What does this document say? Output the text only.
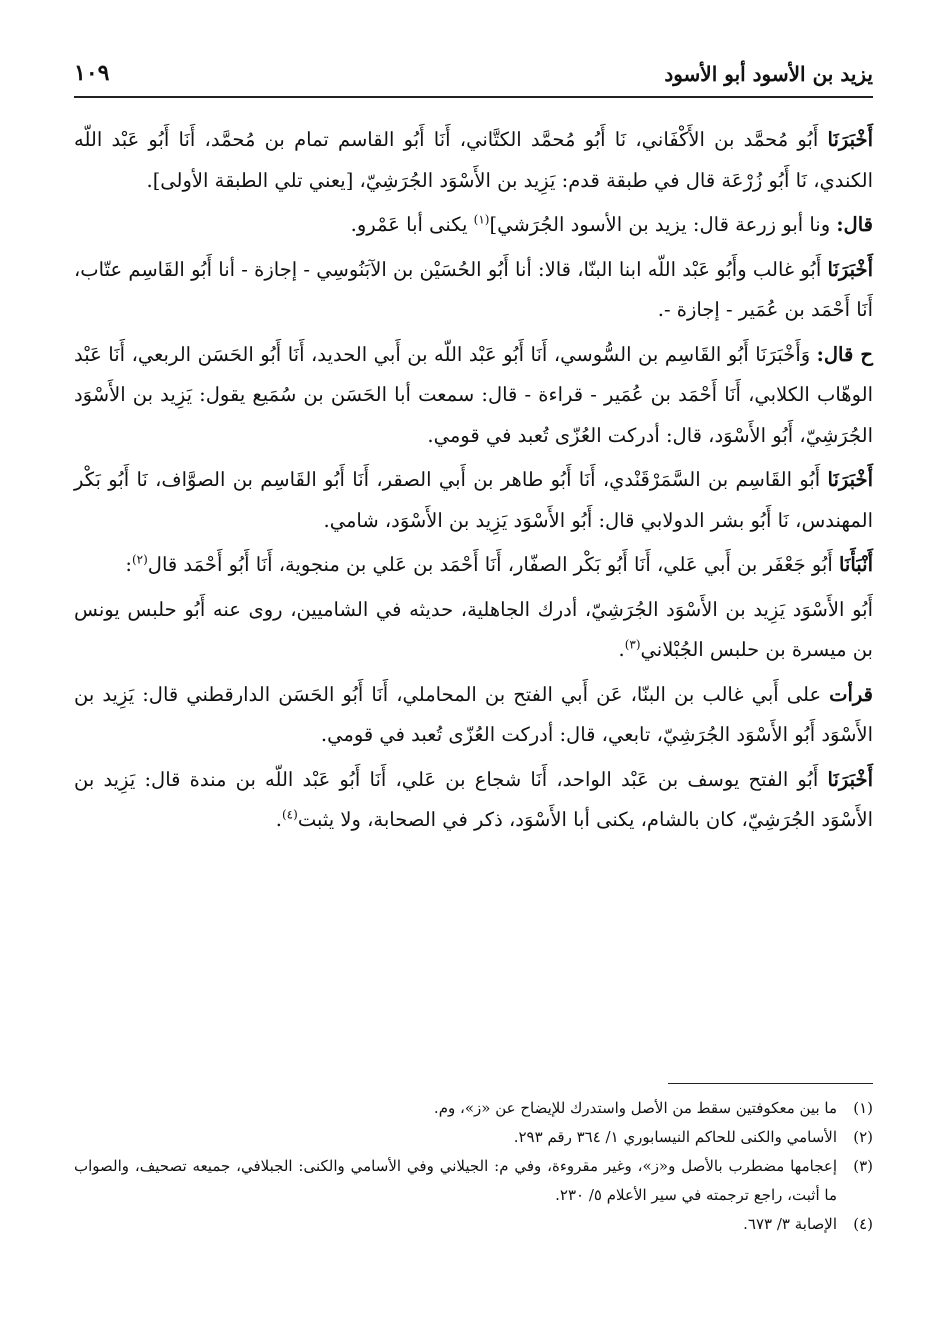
يزيد بن الأسود أبو الأسود
١٠٩

أَخْبَرَنَا أَبُو مُحمَّد بن الأَكْفَاني، نَا أَبُو مُحمَّد الكتَّاني، أَنَا أَبُو القاسم تمام بن مُحمَّد، أَنَا أَبُو عَبْد اللّه الكندي، نَا أَبُو زُرْعَة قال في طبقة قدم: يَزِيد بن الأَسْوَد الجُرَشِيّ، [يعني تلي الطبقة الأولى].

قال: ونا أبو زرعة قال: يزيد بن الأسود الجُرَشي]$^{(١)}$ يكنى أبا عَمْرو.

أَخْبَرَنَا أَبُو غالب وأَبُو عَبْد اللّه ابنا البنّا، قالا: أنا أَبُو الحُسَيْن بن الآبَنُوسِي - إجازة - أنا أَبُو القَاسِم عتّاب، أَنَا أَحْمَد بن عُمَير - إجازة -.

ح قال: وَأَخْبَرَنَا أَبُو القَاسِم بن السُّوسي، أَنَا أَبُو عَبْد اللّه بن أَبي الحديد، أَنَا أَبُو الحَسَن الربعي، أَنَا عَبْد الوهّاب الكلابي، أَنَا أَحْمَد بن عُمَير - قراءة - قال: سمعت أبا الحَسَن بن سُمَيع يقول: يَزِيد بن الأَسْوَد الجُرَشِيّ، أَبُو الأَسْوَد، قال: أدركت العُزّى تُعبد في قومي.

أَخْبَرَنَا أَبُو القَاسِم بن السَّمَرْقَنْدي، أَنَا أَبُو طاهر بن أَبي الصقر، أَنَا أَبُو القَاسِم بن الصوَّاف، نَا أَبُو بَكْر المهندس، نَا أَبُو بشر الدولابي قال: أَبُو الأَسْوَد يَزِيد بن الأَسْوَد، شامي.

أَنْبَأَنَا أَبُو جَعْفَر بن أَبي عَلي، أَنَا أَبُو بَكْر الصفّار، أَنَا أَحْمَد بن عَلي بن منجوية، أَنَا أَبُو أَحْمَد قال$^{(٢)}$:

أَبُو الأَسْوَد يَزِيد بن الأَسْوَد الجُرَشِيّ، أدرك الجاهلية، حديثه في الشاميين، روى عنه أَبُو حلبس يونس بن ميسرة بن حلبس الجُبْلاني$^{(٣)}$.

قرأت على أَبي غالب بن البنّا، عَن أَبي الفتح بن المحاملي، أَنَا أَبُو الحَسَن الدارقطني قال: يَزِيد بن الأَسْوَد أَبُو الأَسْوَد الجُرَشِيّ، تابعي، قال: أدركت العُزّى تُعبد في قومي.

أَخْبَرَنَا أَبُو الفتح يوسف بن عَبْد الواحد، أَنَا شجاع بن عَلي، أَنَا أَبُو عَبْد اللّه بن مندة قال: يَزِيد بن الأَسْوَد الجُرَشِيّ، كان بالشام، يكنى أبا الأَسْوَد، ذكر في الصحابة، ولا يثبت$^{(٤)}$.

(١)
ما بين معكوفتين سقط من الأصل واستدرك للإيضاح عن «ز»، وم.
(٢)
الأسامي والكنى للحاكم النيسابوري ١/ ٣٦٤ رقم ٢٩٣.
(٣)
إعجامها مضطرب بالأصل و«ز»، وغير مقروءة، وفي م: الجيلاني وفي الأسامي والكنى: الجبلافي، جميعه تصحيف، والصواب ما أثبت، راجع ترجمته في سير الأعلام ٥/ ٢٣٠.
(٤)
الإصابة ٣/ ٦٧٣.
